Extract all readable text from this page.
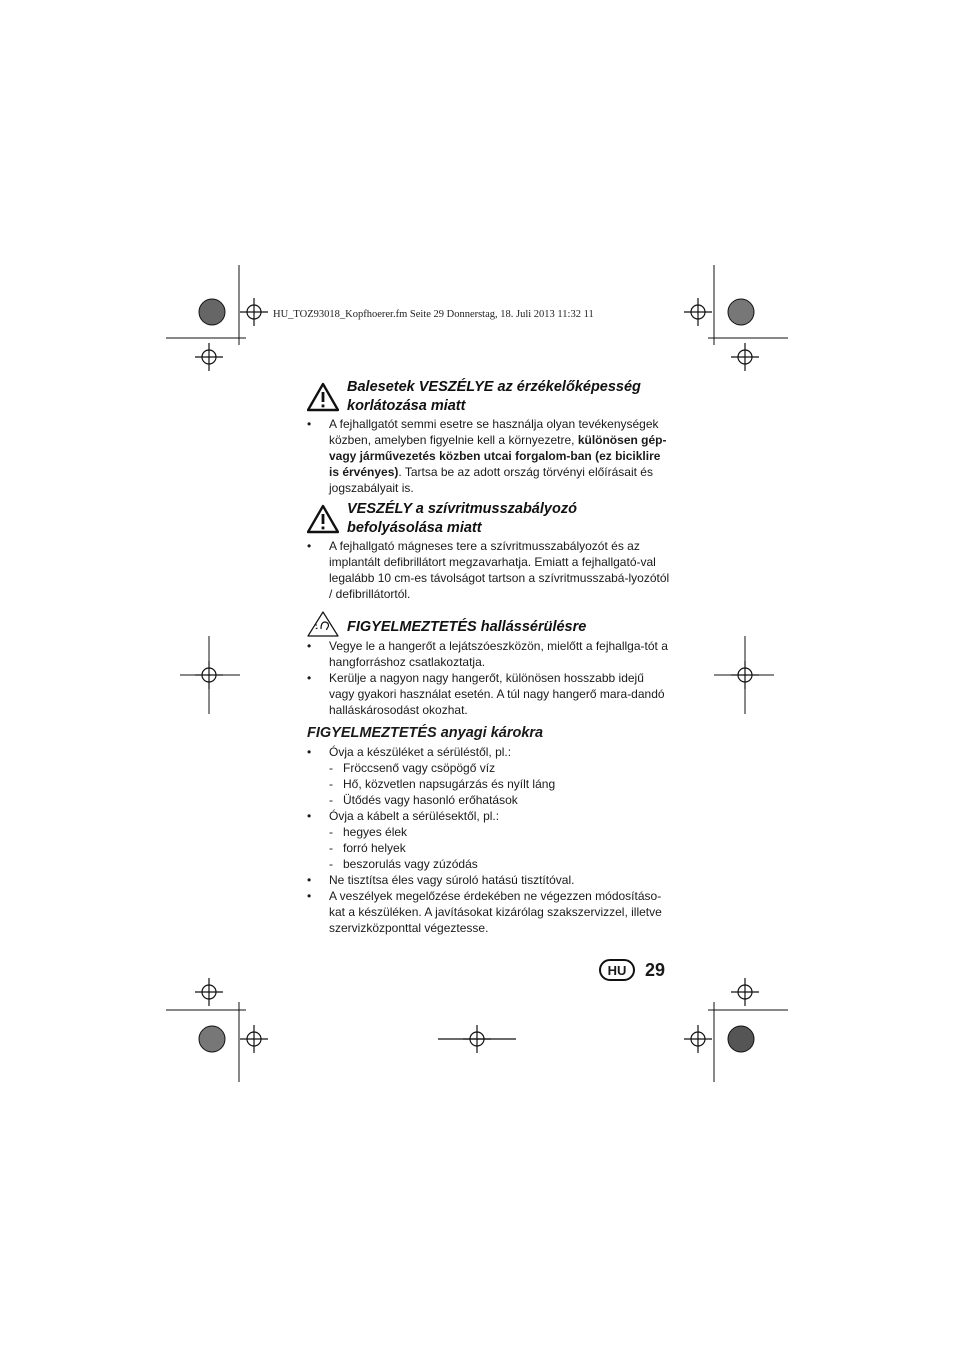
HU_TOZ93018_Kopfhoerer.fm Seite 29 Donnerstag, 18. Juli 2013 11:32 11
Balesetek VESZÉLYE az érzékelőképesség
korlátozása miatt
• A fejhallgatót semmi esetre se használja olyan tevékenységek közben, amelyben figyelnie kell a környezetre, különösen gép- vagy járművezetés közben utcai forgalom-ban (ez biciklire is érvényes). Tartsa be az adott ország törvényi előírásait és jogszabályait is.
VESZÉLY a szívritmusszabályozó
befolyásolása miatt
• A fejhallgató mágneses tere a szívritmusszabályozót és az implantált defibrillátort megzavarhatja. Emiatt a fejhallgató-val legalább 10 cm-es távolságot tartson a szívritmusszabá-lyozótól / defibrillátortól.
FIGYELMEZTETÉS hallássérülésre
• Vegye le a hangerőt a lejátszóeszközön, mielőtt a fejhallga-tót a hangforráshoz csatlakoztatja.
• Kerülje a nagyon nagy hangerőt, különösen hosszabb idejű vagy gyakori használat esetén. A túl nagy hangerő mara-dandó halláskárosodást okozhat.
FIGYELMEZTETÉS anyagi károkra
• Óvja a készüléket a sérüléstől, pl.:
- Fröccsenő vagy csöpögő víz
- Hő, közvetlen napsugárzás és nyílt láng
- Ütődés vagy hasonló erőhatások
• Óvja a kábelt a sérülésektől, pl.:
- hegyes élek
- forró helyek
- beszorulás vagy zúzódás
• Ne tisztítsa éles vagy súroló hatású tisztítóval.
• A veszélyek megelőzése érdekében ne végezzen módosításo-kat a készüléken. A javításokat kizárólag szakszervizzel, illetve szervizközponttal végeztesse.
HU	29
